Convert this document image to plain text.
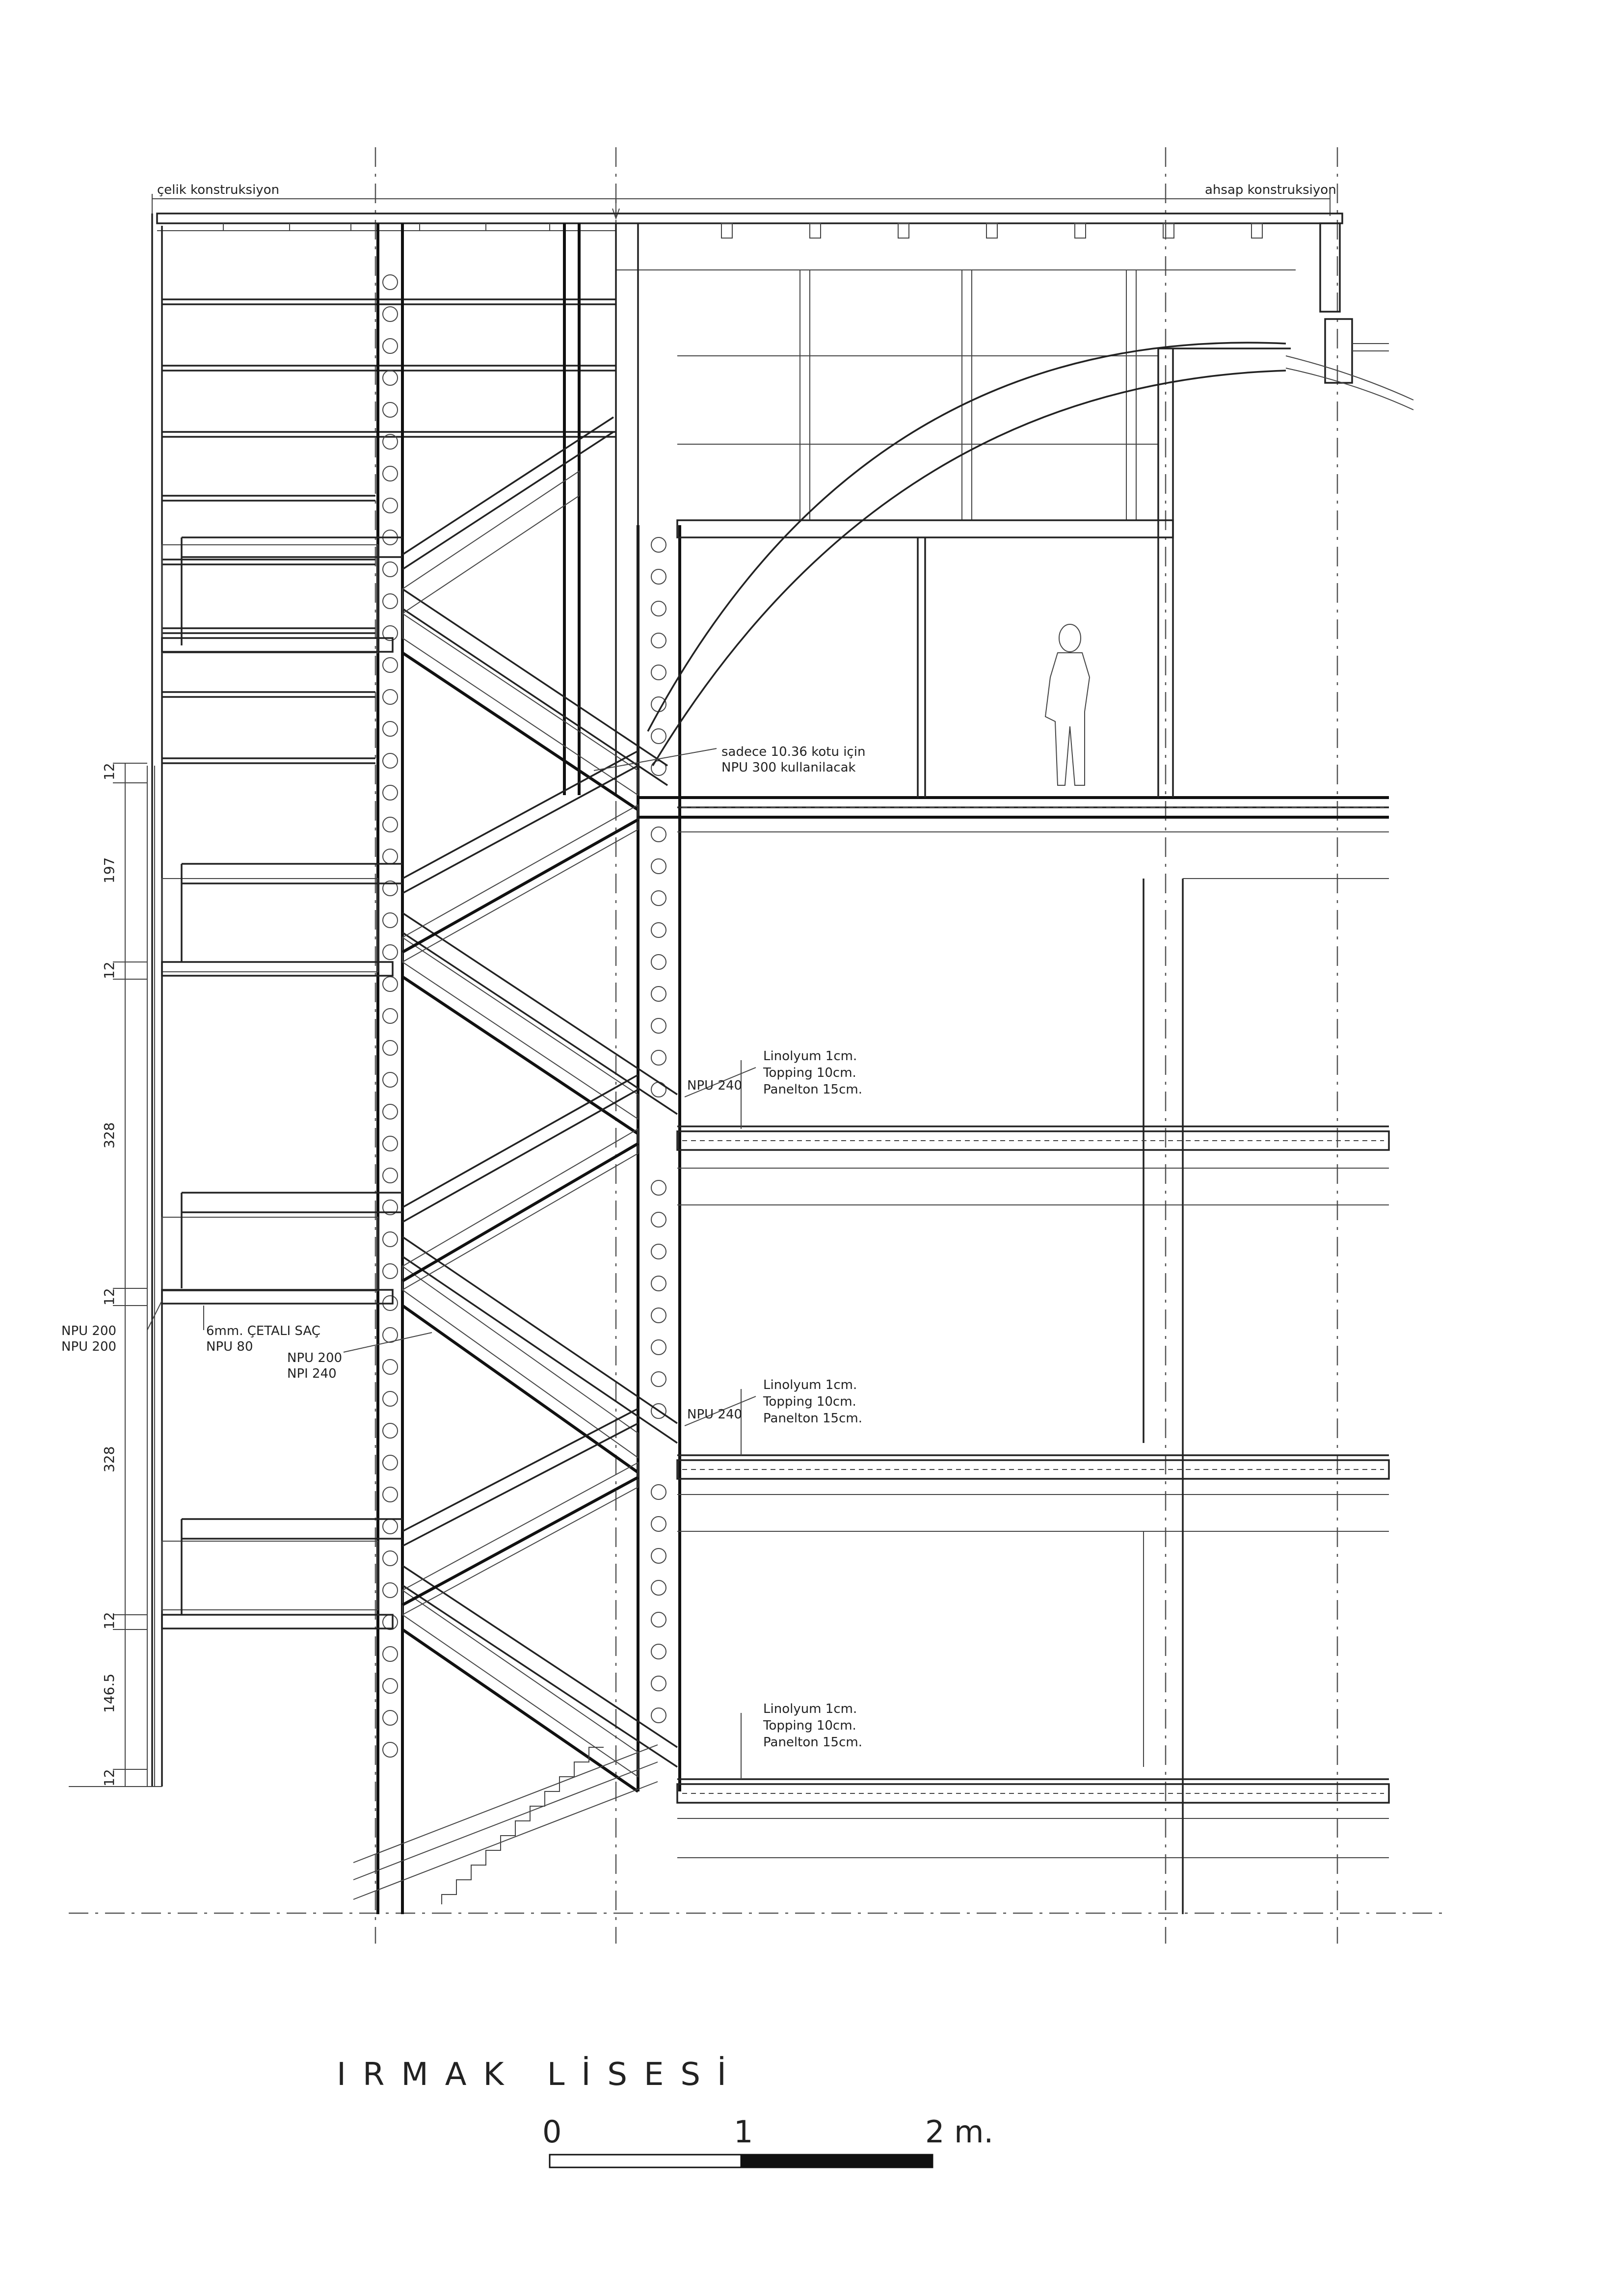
çelik konstruksiyon	ahsap konstruksiyon
12
197
12
328
12
328
12
146.5
12
sadece 10.36 kotu için
NPU 300 kullanilacak
NPU 200
NPU 200
6mm. ÇETALI SAÇ
NPU 80
NPU 200
NPI 240
NPU 240
Linolyum 1cm.
Topping 10cm.
Panelton 15cm.
NPU 240
Linolyum 1cm.
Topping 10cm.
Panelton 15cm.
Linolyum 1cm.
Topping 10cm.
Panelton 15cm.
0	1	2 m.
IRMAK LİSESİ
